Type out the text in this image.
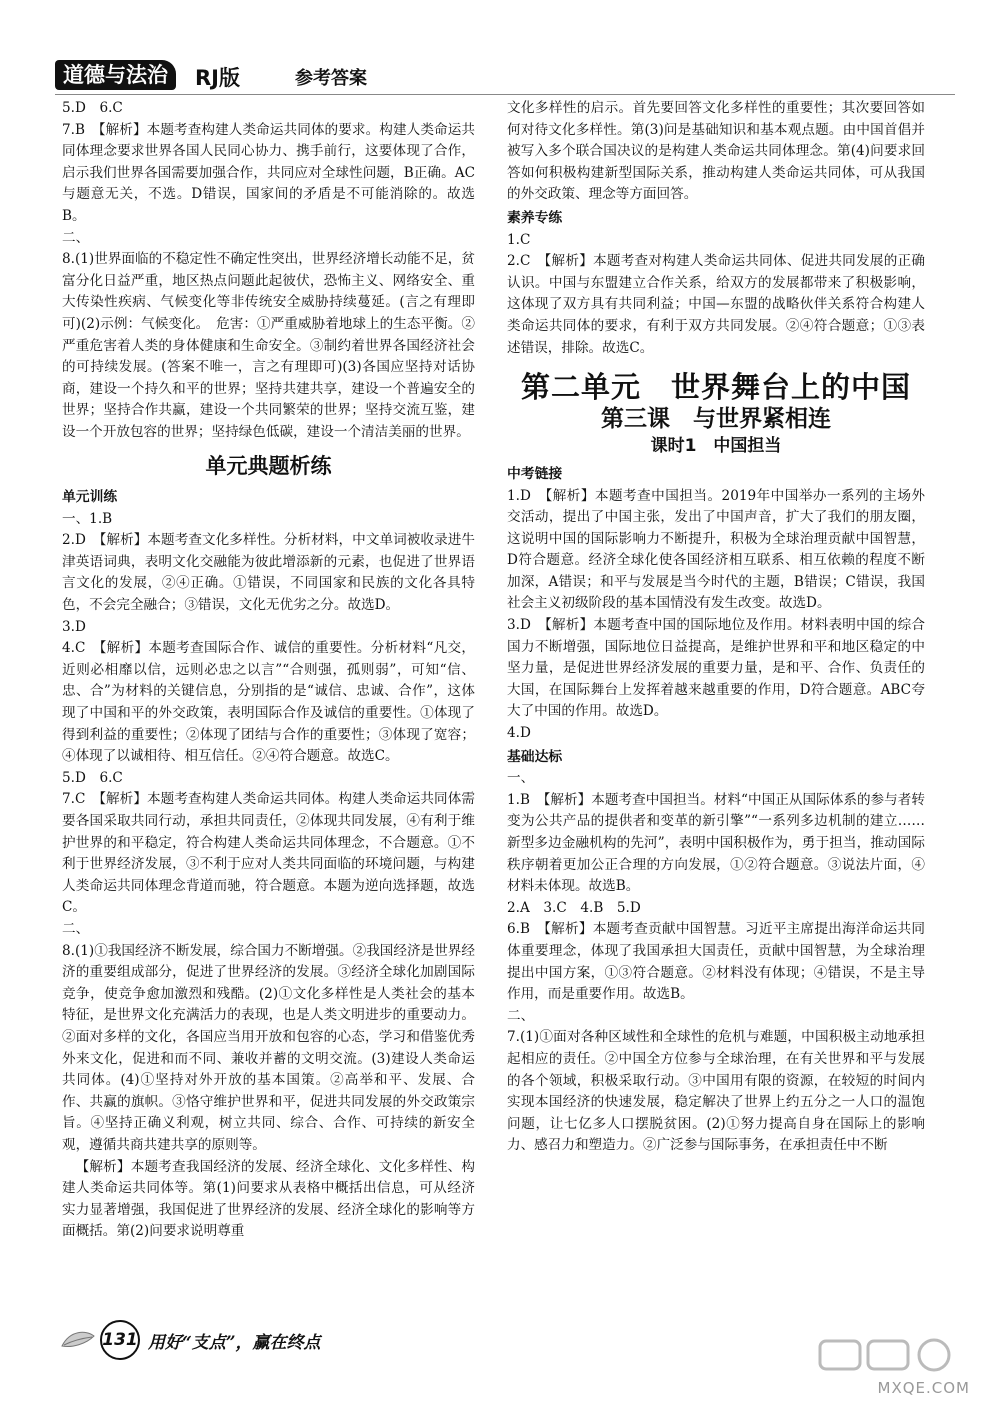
道德与法治	RJ版	参考答案
5.D　6.C
7.B　【解析】本题考查构建人类命运共同体的要求。构建人类命运共同体理念要求世界各国人民同心协力、携手前行，这要体现了合作，启示我们世界各国需要加强合作，共同应对全球性问题，B正确。AC与题意无关，不选。D错误，国家间的矛盾是不可能消除的。故选B。
二、
8.(1)世界面临的不稳定性不确定性突出，世界经济增长动能不足，贫富分化日益严重，地区热点问题此起彼伏，恐怖主义、网络安全、重大传染性疾病、气候变化等非传统安全威胁持续蔓延。(言之有理即可)(2)示例：气候变化。　危害：①严重威胁着地球上的生态平衡。②严重危害着人类的身体健康和生命安全。③制约着世界各国经济社会的可持续发展。(答案不唯一，言之有理即可)(3)各国应坚持对话协商，建设一个持久和平的世界；坚持共建共享，建设一个普遍安全的世界；坚持合作共赢，建设一个共同繁荣的世界；坚持交流互鉴，建设一个开放包容的世界；坚持绿色低碳，建设一个清洁美丽的世界。
单元典题析练
单元训练
一、1.B
2.D　【解析】本题考查文化多样性。分析材料，中文单词被收录进牛津英语词典，表明文化交融能为彼此增添新的元素，也促进了世界语言文化的发展，②④正确。①错误，不同国家和民族的文化各具特色，不会完全融合；③错误，文化无优劣之分。故选D。
3.D
4.C　【解析】本题考查国际合作、诚信的重要性。分析材料“凡交，近则必相靡以信，远则必忠之以言”“合则强，孤则弱”，可知“信、忠、合”为材料的关键信息，分别指的是“诚信、忠诚、合作”，这体现了中国和平的外交政策，表明国际合作及诚信的重要性。①体现了得到利益的重要性；②体现了团结与合作的重要性；③体现了宽容；④体现了以诚相待、相互信任。②④符合题意。故选C。
5.D　6.C
7.C　【解析】本题考查构建人类命运共同体。构建人类命运共同体需要各国采取共同行动，承担共同责任，②体现共同发展，④有利于维护世界的和平稳定，符合构建人类命运共同体理念，不合题意。①不利于世界经济发展，③不利于应对人类共同面临的环境问题，与构建人类命运共同体理念背道而驰，符合题意。本题为逆向选择题，故选C。
二、
8.(1)①我国经济不断发展，综合国力不断增强。②我国经济是世界经济的重要组成部分，促进了世界经济的发展。③经济全球化加剧国际竞争，使竞争愈加激烈和残酷。(2)①文化多样性是人类社会的基本特征，是世界文化充满活力的表现，也是人类文明进步的重要动力。②面对多样的文化，各国应当用开放和包容的心态，学习和借鉴优秀外来文化，促进和而不同、兼收并蓄的文明交流。(3)建设人类命运共同体。(4)①坚持对外开放的基本国策。②高举和平、发展、合作、共赢的旗帜。③恪守维护世界和平，促进共同发展的外交政策宗旨。④坚持正确义利观，树立共同、综合、合作、可持续的新安全观，遵循共商共建共享的原则等。
【解析】本题考查我国经济的发展、经济全球化、文化多样性、构建人类命运共同体等。第(1)问要求从表格中概括出信息，可从经济实力显著增强，我国促进了世界经济的发展、经济全球化的影响等方面概括。第(2)问要求说明尊重
文化多样性的启示。首先要回答文化多样性的重要性；其次要回答如何对待文化多样性。第(3)问是基础知识和基本观点题。由中国首倡并被写入多个联合国决议的是构建人类命运共同体理念。第(4)问要求回答如何积极构建新型国际关系，推动构建人类命运共同体，可从我国的外交政策、理念等方面回答。
素养专练
1.C
2.C　【解析】本题考查对构建人类命运共同体、促进共同发展的正确认识。中国与东盟建立合作关系，给双方的发展都带来了积极影响，这体现了双方具有共同利益；中国—东盟的战略伙伴关系符合构建人类命运共同体的要求，有利于双方共同发展。②④符合题意；①③表述错误，排除。故选C。
第二单元　世界舞台上的中国
第三课　与世界紧相连
课时1　中国担当
中考链接
1.D　【解析】本题考查中国担当。2019年中国举办一系列的主场外交活动，提出了中国主张，发出了中国声音，扩大了我们的朋友圈，这说明中国的国际影响力不断提升，积极为全球治理贡献中国智慧，D符合题意。经济全球化使各国经济相互联系、相互依赖的程度不断加深，A错误；和平与发展是当今时代的主题，B错误；C错误，我国社会主义初级阶段的基本国情没有发生改变。故选D。
3.D　【解析】本题考查中国的国际地位及作用。材料表明中国的综合国力不断增强，国际地位日益提高，是维护世界和平和地区稳定的中坚力量，是促进世界经济发展的重要力量，是和平、合作、负责任的大国，在国际舞台上发挥着越来越重要的作用，D符合题意。ABC夸大了中国的作用。故选D。
4.D
基础达标
一、
1.B　【解析】本题考查中国担当。材料“中国正从国际体系的参与者转变为公共产品的提供者和变革的新引擎”“一系列多边机制的建立……新型多边金融机构的先河”，表明中国积极作为，勇于担当，推动国际秩序朝着更加公正合理的方向发展，①②符合题意。③说法片面，④材料未体现。故选B。
2.A　3.C　4.B　5.D
6.B　【解析】本题考查贡献中国智慧。习近平主席提出海洋命运共同体重要理念，体现了我国承担大国责任，贡献中国智慧，为全球治理提出中国方案，①③符合题意。②材料没有体现；④错误，不是主导作用，而是重要作用。故选B。
二、
7.(1)①面对各种区域性和全球性的危机与难题，中国积极主动地承担起相应的责任。②中国全方位参与全球治理，在有关世界和平与发展的各个领域，积极采取行动。③中国用有限的资源，在较短的时间内实现本国经济的快速发展，稳定解决了世界上约五分之一人口的温饱问题，让七亿多人口摆脱贫困。(2)①努力提高自身在国际上的影响力、感召力和塑造力。②广泛参与国际事务，在承担责任中不断
131 用好“支点”，赢在终点
MXQE.COM
